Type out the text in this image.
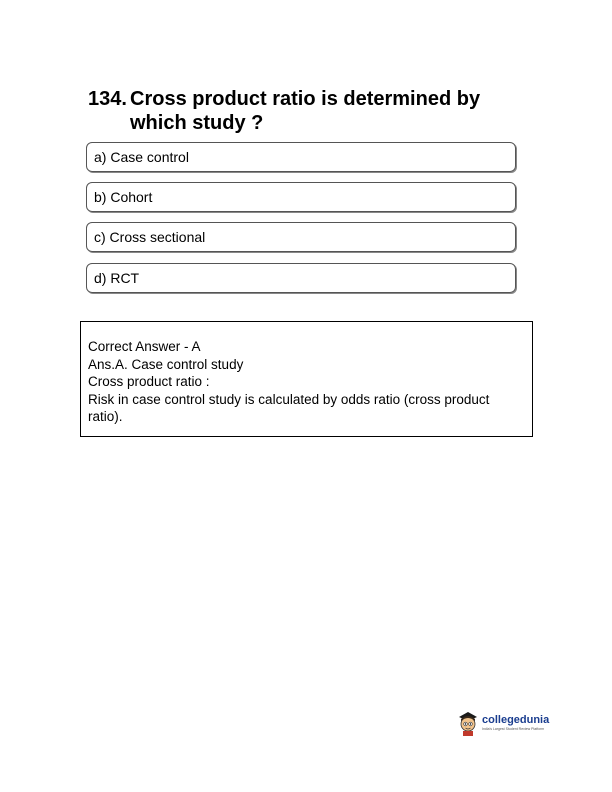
134. Cross product ratio is determined by which study ?
a) Case control
b) Cohort
c) Cross sectional
d) RCT
Correct Answer - A
Ans.A. Case control study
Cross product ratio :
Risk in case control study is calculated by odds ratio (cross product ratio).
collegedunia
India's Largest Student Review Platform
